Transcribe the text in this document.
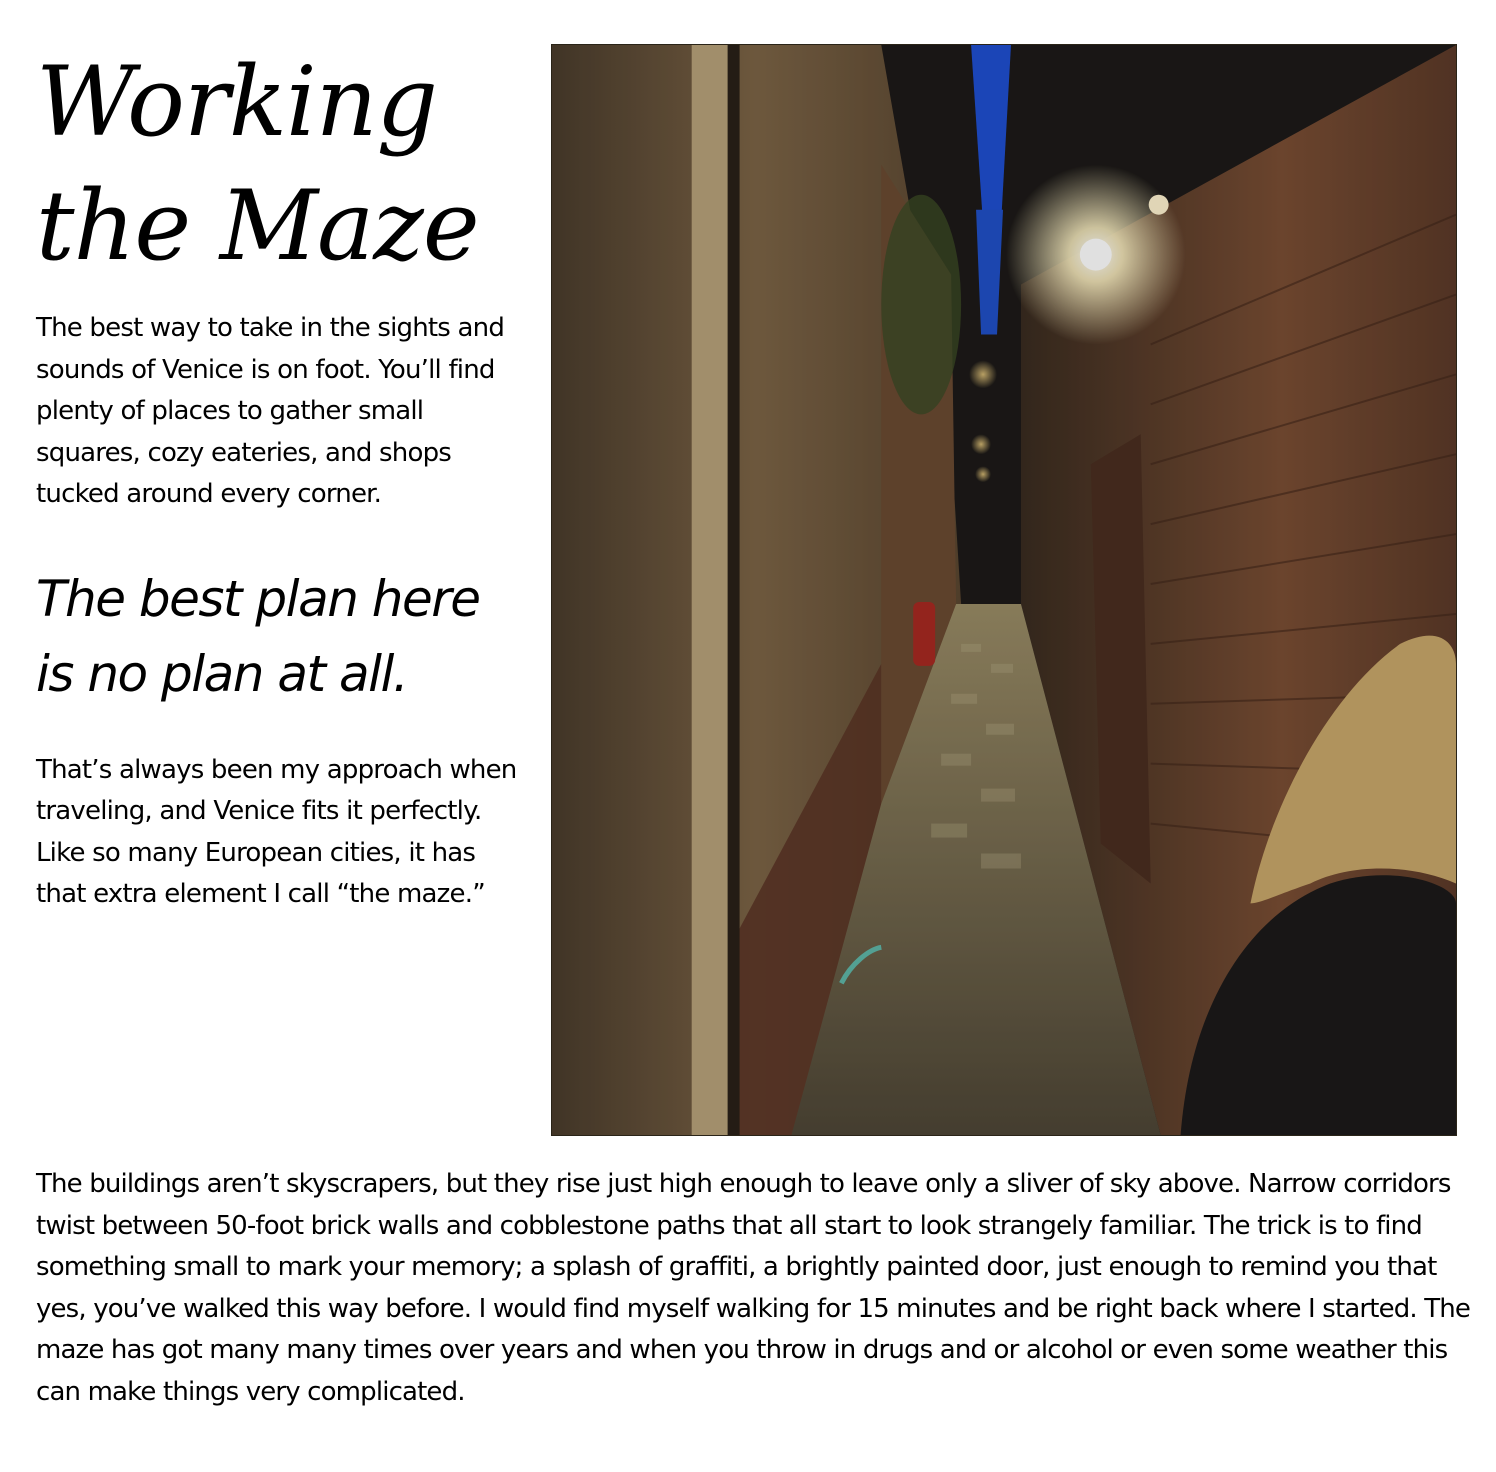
Working
the Maze

The best way to take in the sights and sounds of Venice is on foot. You’ll find plenty of places to gather small squares, cozy eateries, and shops tucked around every corner.

The best plan here is no plan at all.

That’s always been my approach when traveling, and Venice fits it perfectly. Like so many European cities, it has that extra element I call “the maze.”

The buildings aren’t skyscrapers, but they rise just high enough to leave only a sliver of sky above. Narrow corridors twist between 50-foot brick walls and cobblestone paths that all start to look strangely familiar. The trick is to find something small to mark your memory; a splash of graffiti, a brightly painted door, just enough to remind you that yes, you’ve walked this way before. I would find myself walking for 15 minutes and be right back where I started. The maze has got many many times over years and when you throw in drugs and or alcohol or even some weather this can make things very complicated.
